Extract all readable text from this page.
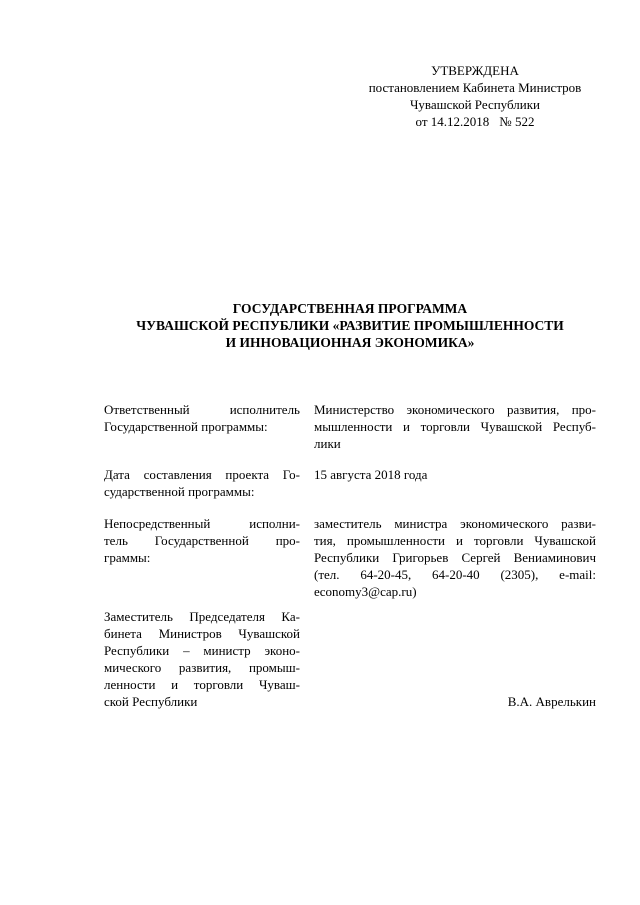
УТВЕРЖДЕНА
постановлением Кабинета Министров
Чувашской Республики
от 14.12.2018 № 522
ГОСУДАРСТВЕННАЯ ПРОГРАММА
ЧУВАШСКОЙ РЕСПУБЛИКИ «РАЗВИТИЕ ПРОМЫШЛЕННОСТИ
И ИННОВАЦИОННАЯ ЭКОНОМИКА»
Ответственный исполнитель
Государственной программы:
Министерство экономического развития, про-
мышленности и торговли Чувашской Респуб-
лики
Дата составления проекта Го-
сударственной программы:
15 августа 2018 года
Непосредственный исполни-
тель Государственной про-
граммы:
заместитель министра экономического разви-
тия, промышленности и торговли Чувашской
Республики Григорьев Сергей Вениаминович
(тел. 64-20-45, 64-20-40 (2305), e-mail:
economy3@cap.ru)
Заместитель Председателя Ка-
бинета Министров Чувашской
Республики – министр эконо-
мического развития, промыш-
ленности и торговли Чуваш-
ской Республики	В.А. Аврелькин
